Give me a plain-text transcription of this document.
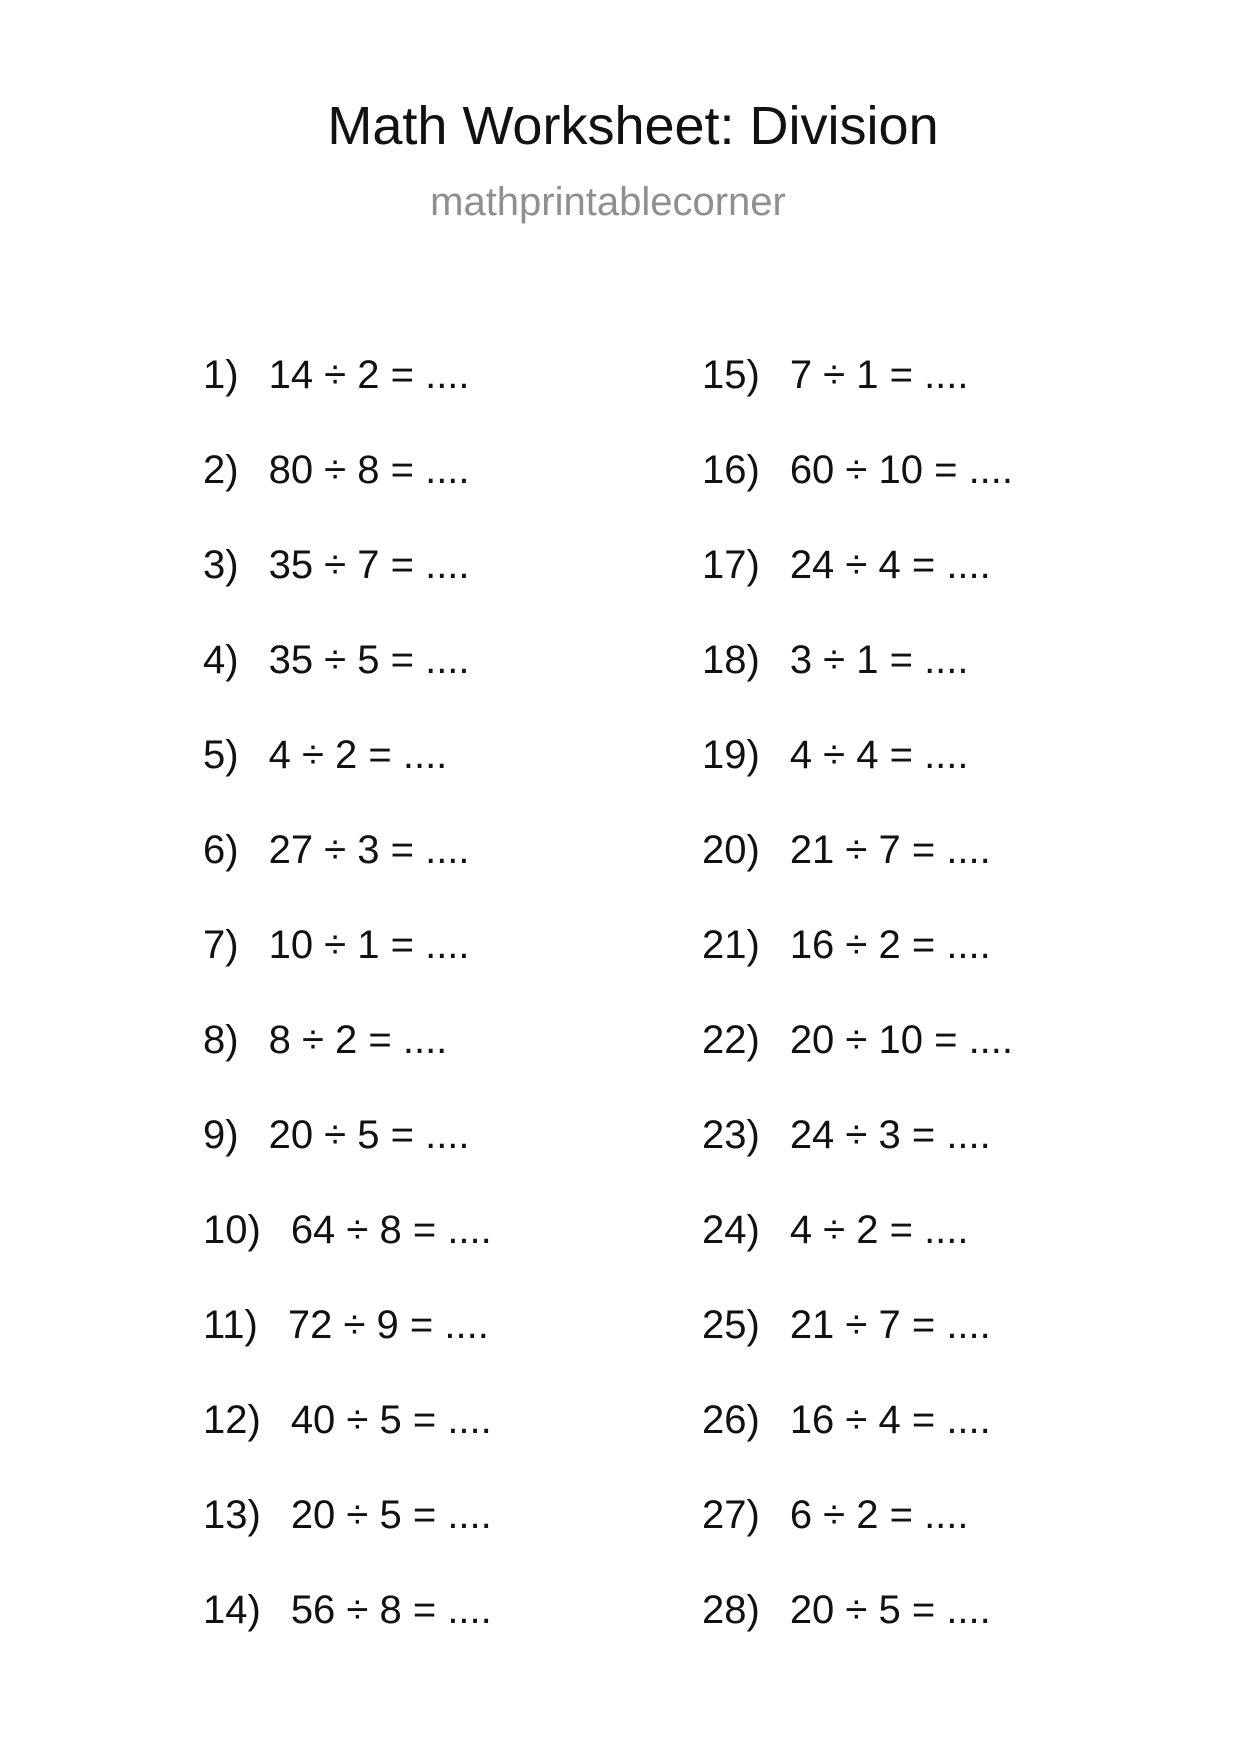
Math Worksheet: Division
mathprintablecorner
1) 14 ÷ 2 = ....
2) 80 ÷ 8 = ....
3) 35 ÷ 7 = ....
4) 35 ÷ 5 = ....
5) 4 ÷ 2 = ....
6) 27 ÷ 3 = ....
7) 10 ÷ 1 = ....
8) 8 ÷ 2 = ....
9) 20 ÷ 5 = ....
10) 64 ÷ 8 = ....
11) 72 ÷ 9 = ....
12) 40 ÷ 5 = ....
13) 20 ÷ 5 = ....
14) 56 ÷ 8 = ....
15) 7 ÷ 1 = ....
16) 60 ÷ 10 = ....
17) 24 ÷ 4 = ....
18) 3 ÷ 1 = ....
19) 4 ÷ 4 = ....
20) 21 ÷ 7 = ....
21) 16 ÷ 2 = ....
22) 20 ÷ 10 = ....
23) 24 ÷ 3 = ....
24) 4 ÷ 2 = ....
25) 21 ÷ 7 = ....
26) 16 ÷ 4 = ....
27) 6 ÷ 2 = ....
28) 20 ÷ 5 = ....
